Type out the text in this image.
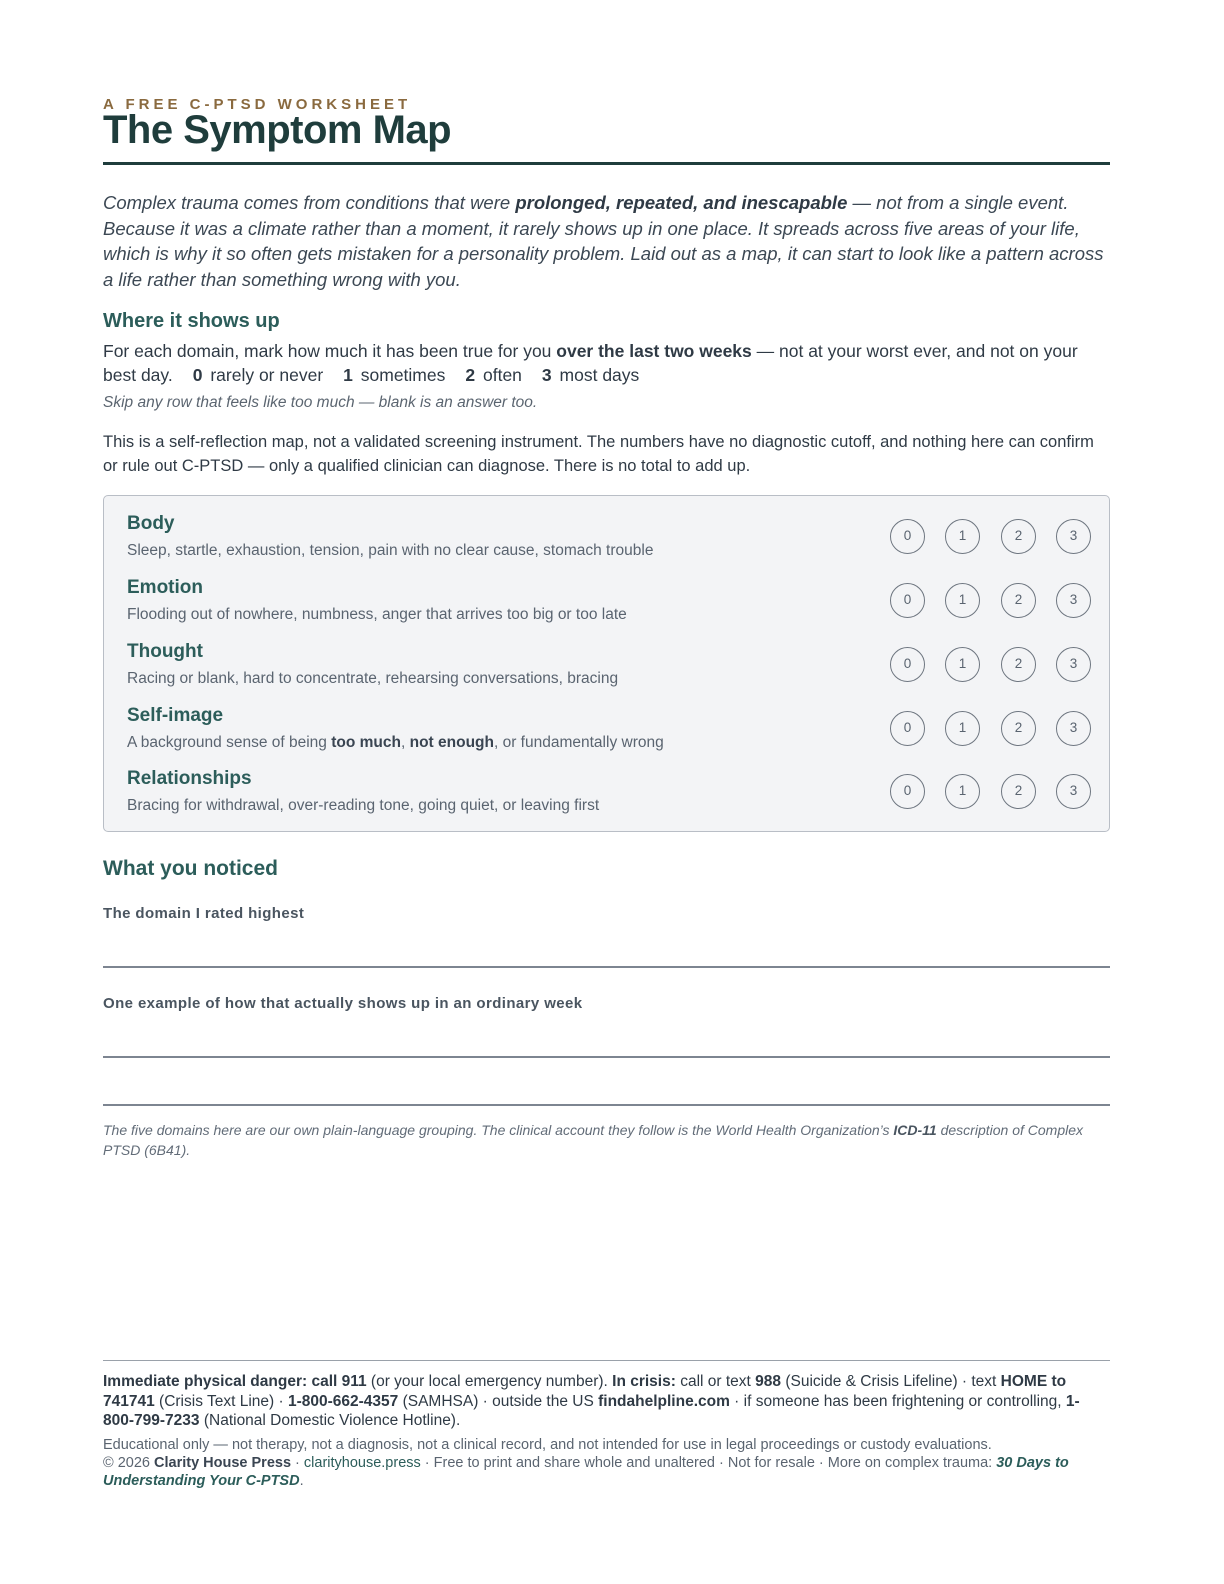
A FREE C-PTSD WORKSHEET
The Symptom Map

Complex trauma comes from conditions that were prolonged, repeated, and inescapable — not from a single event. Because it was a climate rather than a moment, it rarely shows up in one place. It spreads across five areas of your life, which is why it so often gets mistaken for a personality problem. Laid out as a map, it can start to look like a pattern across a life rather than something wrong with you.

Where it shows up

For each domain, mark how much it has been true for you over the last two weeks — not at your worst ever, and not on your best day. 0 rarely or never 1 sometimes 2 often 3 most days

Skip any row that feels like too much — blank is an answer too.

This is a self-reflection map, not a validated screening instrument. The numbers have no diagnostic cutoff, and nothing here can confirm or rule out C-PTSD — only a qualified clinician can diagnose. There is no total to add up.

Body
Sleep, startle, exhaustion, tension, pain with no clear cause, stomach trouble
0	1	2	3
Emotion
Flooding out of nowhere, numbness, anger that arrives too big or too late
0	1	2	3
Thought
Racing or blank, hard to concentrate, rehearsing conversations, bracing
0	1	2	3
Self-image
A background sense of being too much, not enough, or fundamentally wrong
0	1	2	3
Relationships
Bracing for withdrawal, over-reading tone, going quiet, or leaving first
0	1	2	3
What you noticed
The domain I rated highest
One example of how that actually shows up in an ordinary week

The five domains here are our own plain-language grouping. The clinical account they follow is the World Health Organization’s ICD-11 description of Complex PTSD (6B41).

Immediate physical danger: call 911 (or your local emergency number). In crisis: call or text 988 (Suicide & Crisis Lifeline) · text HOME to 741741 (Crisis Text Line) · 1-800-662-4357 (SAMHSA) · outside the US findahelpline.com · if someone has been frightening or controlling, 1-800-799-7233 (National Domestic Violence Hotline).

Educational only — not therapy, not a diagnosis, not a clinical record, and not intended for use in legal proceedings or custody evaluations.
© 2026 Clarity House Press · clarityhouse.press · Free to print and share whole and unaltered · Not for resale · More on complex trauma: 30 Days to Understanding Your C-PTSD.
